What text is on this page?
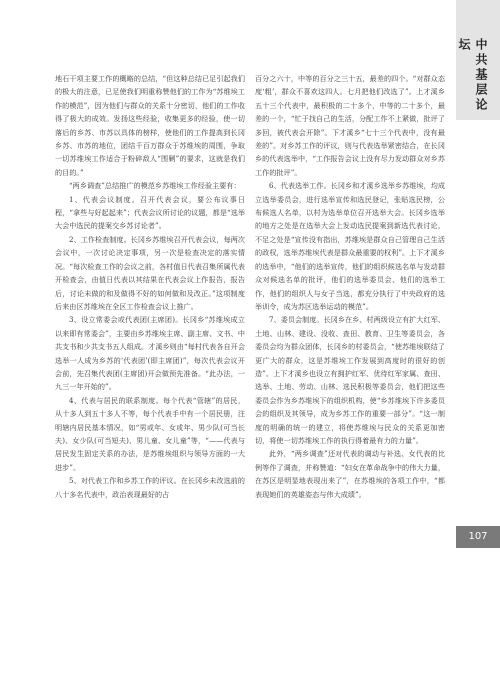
中共基层论坛

地石干项主要工作的概略的总结，“但这种总结已足引起我们的极大的注意，已足使我们明重称赞他们的工作为“苏维埃工作的模范”，因为他们与群众的关系十分密切，他们的工作收得了极大的成效。发扬这些经验，收集更多的经验，使一切落后的乡苏、市苏以具体的榜样，使他们的工作提高到长冈乡苏、市苏的地位，团结千百万群众于苏维埃的周围，争取一切苏维埃工作适合于粉碎敌人“围剿”的要求，这就是我们的目的。”

“两乡调查”总结推广的模范乡苏维埃工作经验主要有：

1、代表会议制度。召开代表会议，要公布议事日程，“拿些与好起起来”；代表会议所讨论的议题，都是“选举大会中选民的提案交乡苏讨论者”。

2、工作检查制度。长冈乡苏维埃召开代表会议，每两次会议中，一次讨论决定事项，另一次是检查决定的落实情况。“每次检查工作的会议之前，各村值日代表召集所属代表开检查会，由值日代表以其结果在代表会议上作报告，报告后，讨论未做的和及做得不好的如何做和及改正。”这项制度后来由区苏维埃在全区工作检查会议上推广。

3、设立常委会或代表团(主席团)。长冈乡“苏维埃成立以来即有常委会”，主要由乡苏维埃主席、副主席、文书、中共支书和少共支书五人组成。才溪乡则由“每村代表各自开会选举一人成为乡苏的‘代表团’(即主席团)”，每次代表会议开会前，先召集代表团(主席团)开会做预先准备。“此办法，一九三一年开始的”。

4、代表与居民的联系制度。每个代表“管辖”的居民，从十多人到五十多人不等，每个代表手中有一个居民册，注明辖内居民基本情况，如“男或年、女或年、男少队(可当长夫)、女少队(可当短夫)、男儿童、女儿童”等，“——代表与居民发生固定关系的办法，是苏维埃组织与领导方面的一大进步”。

5、对代表工作和乡苏工作的评议。在长冈乡未改选前的八十多名代表中，政治表现最好的占

百分之六十，中等的百分之三十五，最差的四个。“对群众态度‘粗’，群众不喜欢这四人。七月把他们改选了”。上才溪乡五十三个代表中，最积极的二十多个，中等的二十多个，最差的一个，“忙于找自己的生活，分配工作不上紧做，批评了多回，被代表会开除”。下才溪乡“七十三个代表中，没有最差的”。对乡苏工作的评议，则与代表选举紧密结合，在长冈乡的代表选举中，“工作报告会议上没有尽力发动群众对乡苏工作的批评”。

6、代表选举工作。长冈乡和才溪乡选举乡苏维埃，均成立选举委员会，进行选举宣传和选民登记，张贴选民榜，公布候选人名单，以村为选举单位召开选举大会。长冈乡选举的地方之处是在选举大会上发动选民提案到新选代表讨论，不足之处是“宣传没有指出，苏维埃是群众自己管理自己生活的政权，选举苏维埃代表是群众最重要的权利”。上下才溪乡的选举中，“他们的选举宣传，他们的组织候选名单与发动群众对候选名单的批评，他们的选举委员会、他们的选举工作，他们的组织人与女子当选，都充分执行了中央政府的选举训令，成为苏区选举运动的模范”。

7、委员会制度。长冈乡在乡、村两级设立有扩大红军、土地、山林、建设、没收、查田、教育、卫生等委员会，各委员会均为群众团体，长冈乡的村委员会，“使苏维埃联结了更广大的群众，这是苏维埃工作发展到高度时的很好的创造”。上下才溪乡也设立有拥护红军、优待红军家属、查田、选举、土地、劳动、山林、选民积极等委员会，他们把这些委员会作为乡苏维埃下的组织机构，使“乡苏维埃下许多委员会的组织及其领导，成为乡苏工作的重要一部分”。“这一制度的明确的统一的建立，将使苏维埃与民众的关系更加密切，将使一切苏维埃工作的执行得着最有力的力量”。

此外，“两乡调查”还对代表的调动与补选、女代表的比例等作了调查，并称赞道：“妇女在革命战争中的伟大力量，在苏区是明显地表现出来了”，在苏维埃的各项工作中，“都表现她们的英雄姿态与伟大成绩”。

107
